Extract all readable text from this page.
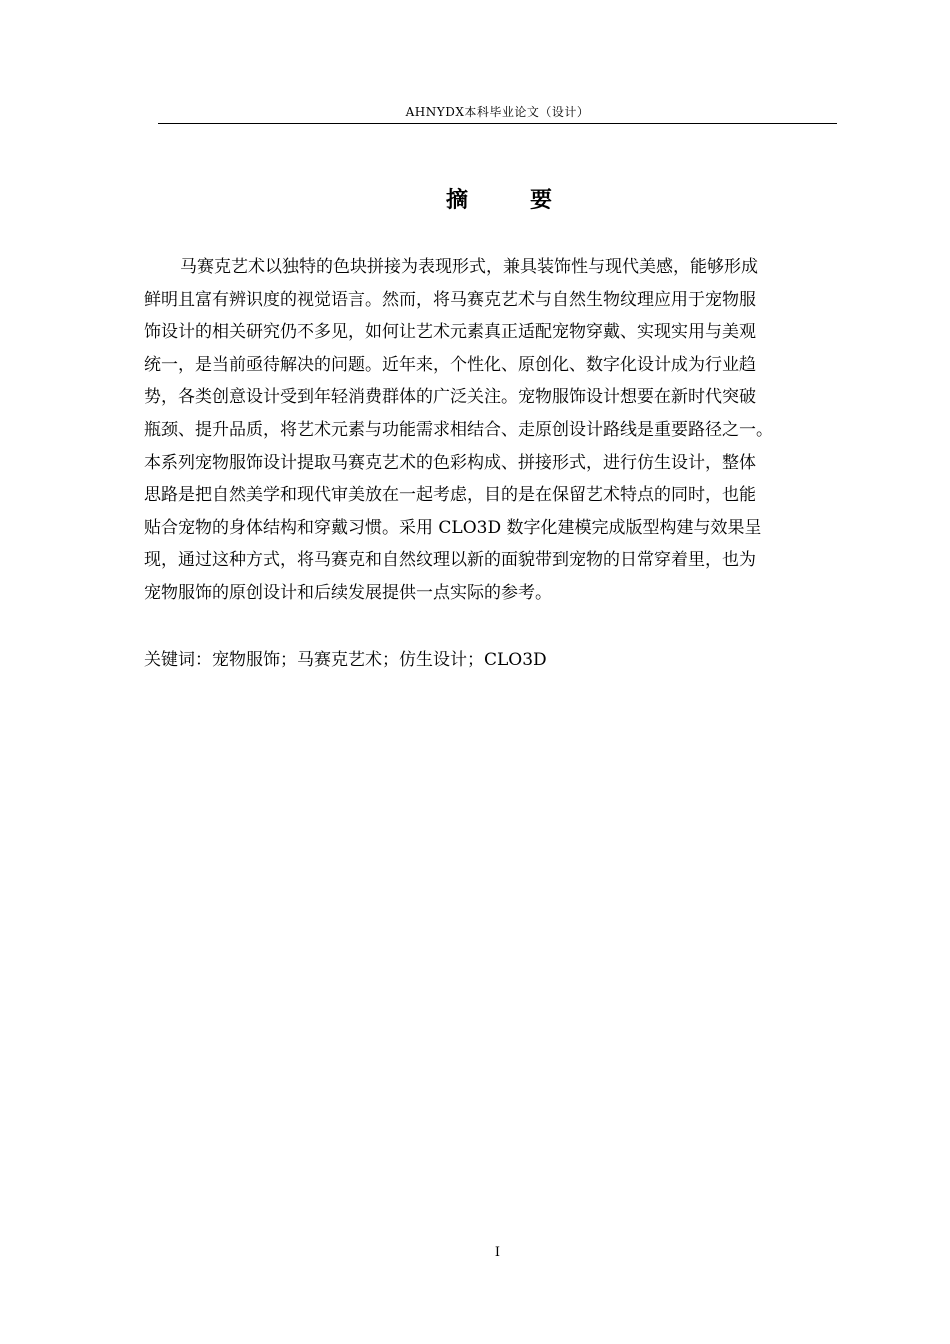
AHNYDX本科毕业论文（设计）
摘　要
马赛克艺术以独特的色块拼接为表现形式，兼具装饰性与现代美感，能够形成
鲜明且富有辨识度的视觉语言。然而，将马赛克艺术与自然生物纹理应用于宠物服
饰设计的相关研究仍不多见，如何让艺术元素真正适配宠物穿戴、实现实用与美观
统一，是当前亟待解决的问题。近年来，个性化、原创化、数字化设计成为行业趋
势，各类创意设计受到年轻消费群体的广泛关注。宠物服饰设计想要在新时代突破
瓶颈、提升品质，将艺术元素与功能需求相结合、走原创设计路线是重要路径之一。
本系列宠物服饰设计提取马赛克艺术的色彩构成、拼接形式，进行仿生设计，整体
思路是把自然美学和现代审美放在一起考虑，目的是在保留艺术特点的同时，也能
贴合宠物的身体结构和穿戴习惯。采用 CLO3D 数字化建模完成版型构建与效果呈
现，通过这种方式，将马赛克和自然纹理以新的面貌带到宠物的日常穿着里，也为
宠物服饰的原创设计和后续发展提供一点实际的参考。
关键词：宠物服饰；马赛克艺术；仿生设计；CLO3D
I
